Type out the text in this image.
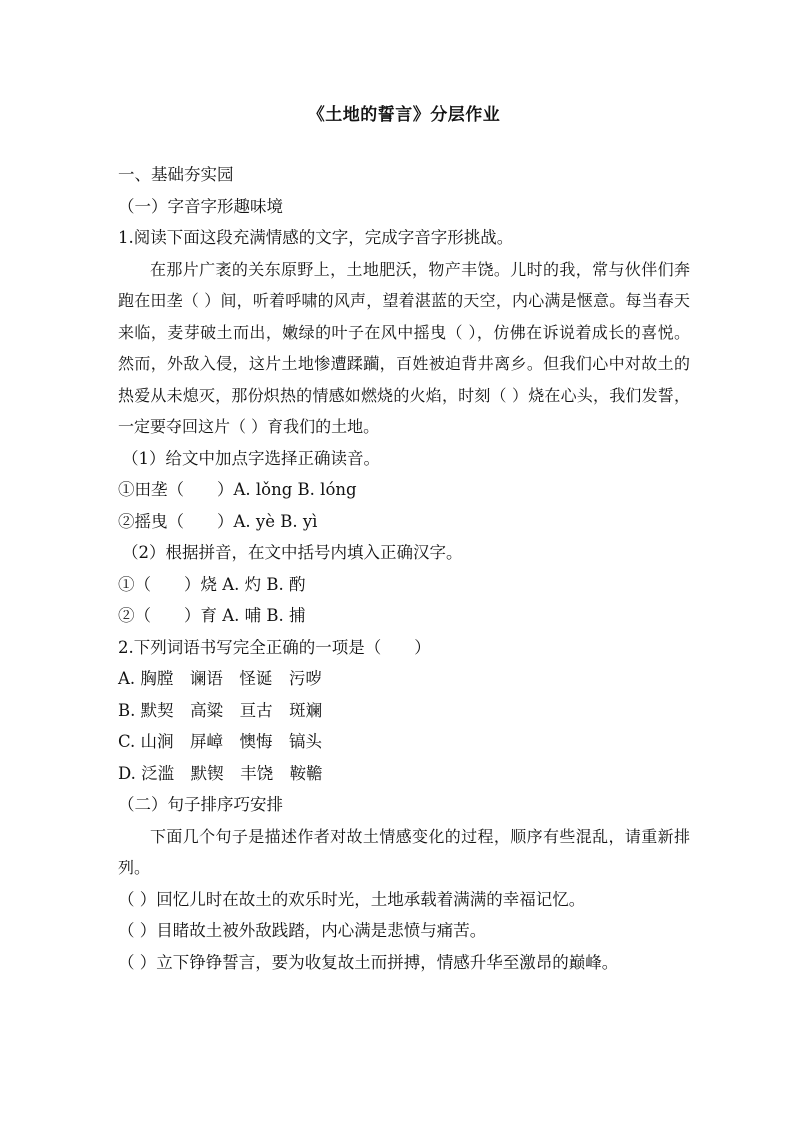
《土地的誓言》分层作业
一、基础夯实园
（一）字音字形趣味境
1.阅读下面这段充满情感的文字，完成字音字形挑战。
在那片广袤的关东原野上，土地肥沃，物产丰饶。儿时的我，常与伙伴们奔跑在田垄（ ）间，听着呼啸的风声，望着湛蓝的天空，内心满是惬意。每当春天来临，麦芽破土而出，嫩绿的叶子在风中摇曳（ ），仿佛在诉说着成长的喜悦。然而，外敌入侵，这片土地惨遭蹂躏，百姓被迫背井离乡。但我们心中对故土的热爱从未熄灭，那份炽热的情感如燃烧的火焰，时刻（ ）烧在心头，我们发誓，一定要夺回这片（ ）育我们的土地。
（1）给文中加点字选择正确读音。
①田垄（　　）A. lǒng B. lóng
②摇曳（　　）A. yè B. yì
（2）根据拼音，在文中括号内填入正确汉字。
①（　　）烧 A. 灼 B. 酌
②（　　）育 A. 哺 B. 捕
2.下列词语书写完全正确的一项是（　　）
A. 胸膛　谰语　怪诞　污哕
B. 默契　高粱　亘古　斑斓
C. 山涧　屏嶂　懊悔　镐头
D. 泛滥　默锲　丰饶　鞍韂
（二）句子排序巧安排
下面几个句子是描述作者对故土情感变化的过程，顺序有些混乱，请重新排列。
（ ）回忆儿时在故土的欢乐时光，土地承载着满满的幸福记忆。
（ ）目睹故土被外敌践踏，内心满是悲愤与痛苦。
（ ）立下铮铮誓言，要为收复故土而拼搏，情感升华至激昂的巅峰。
